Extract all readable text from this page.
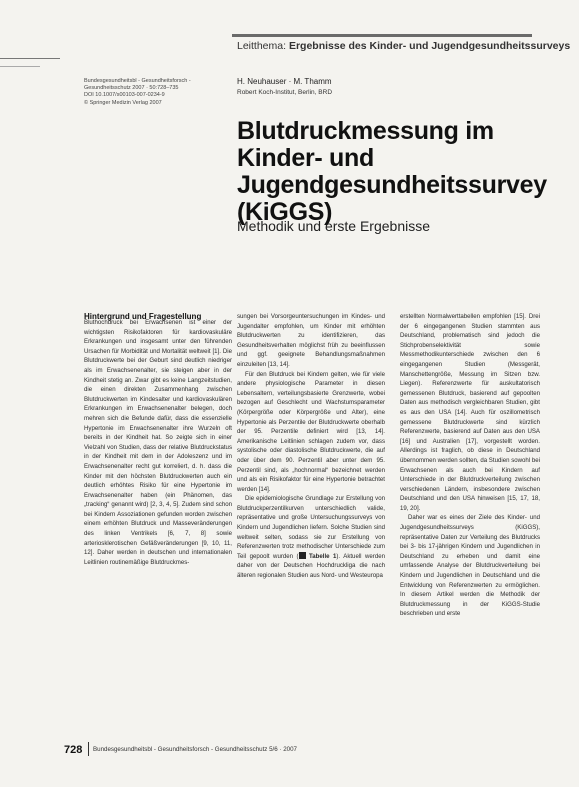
Leitthema: Ergebnisse des Kinder- und Jugendgesundheitssurveys
Bundesgesundheitsbl - Gesundheitsforsch -
Gesundheitsschutz 2007 · 50:728–735
DOI 10.1007/s00103-007-0234-9
© Springer Medizin Verlag 2007
H. Neuhauser · M. Thamm
Robert Koch-Institut, Berlin, BRD
Blutdruckmessung im Kinder- und Jugendgesundheitssurvey (KiGGS)
Methodik und erste Ergebnisse
Hintergrund und Fragestellung

Bluthochdruck bei Erwachsenen ist einer der wichtigsten Risikofaktoren für kardiovaskuläre Erkrankungen und insgesamt unter den führenden Ursachen für Morbidität und Mortalität weltweit [1]. Die Blutdruckwerte bei der Geburt sind deutlich niedriger als im Erwachsenenalter, sie steigen aber in der Kindheit stetig an. Zwar gibt es keine Langzeitstudien, die einen direkten Zusammenhang zwischen Blutdruckwerten im Kindesalter und kardiovaskulären Erkrankungen im Erwachsenenalter belegen, doch mehren sich die Befunde dafür, dass die essenzielle Hypertonie im Erwachsenenalter ihre Wurzeln oft bereits in der Kindheit hat. So zeigte sich in einer Vielzahl von Studien, dass der relative Blutdruckstatus in der Kindheit mit dem in der Adoleszenz und im Erwachsenenalter recht gut korreliert, d. h. dass die Kinder mit den höchsten Blutdruckwerten auch ein deutlich erhöhtes Risiko für eine Hypertonie im Erwachsenenalter haben (ein Phänomen, das „tracking“ genannt wird) [2, 3, 4, 5]. Zudem sind schon bei Kindern Assoziationen gefunden worden zwischen einem erhöhten Blutdruck und Masseveränderungen des linken Ventrikels [6, 7, 8] sowie arteriosklerotischen Gefäßveränderungen [9, 10, 11, 12]. Daher werden in deutschen und internationalen Leitlinien routinemäßige Blutdruckmes-

sungen bei Vorsorgeuntersuchungen im Kindes- und Jugendalter empfohlen, um Kinder mit erhöhten Blutdruckwerten zu identifizieren, das Gesundheitsverhalten möglichst früh zu beeinflussen und ggf. geeignete Behandlungsmaßnahmen einzuleiten [13, 14].

Für den Blutdruck bei Kindern gelten, wie für viele andere physiologische Parameter in diesen Lebensaltern, verteilungsbasierte Grenzwerte, wobei bezogen auf Geschlecht und Wachstumsparameter (Körpergröße oder Körpergröße und Alter), eine Hypertonie als Perzentile der Blutdruckwerte oberhalb der 95. Perzentile definiert wird [13, 14]. Amerikanische Leitlinien schlagen zudem vor, dass systolische oder diastolische Blutdruckwerte, die auf oder über dem 90. Perzentil aber unter dem 95. Perzentil sind, als „hochnormal“ bezeichnet werden und als ein Risikofaktor für eine Hypertonie betrachtet werden [14].

Die epidemiologische Grundlage zur Erstellung von Blutdruckperzentilkurven unterschiedlich valide, repräsentative und große Untersuchungssurveys von Kindern und Jugendlichen liefern. Solche Studien sind weltweit selten, sodass sie zur Erstellung von Referenzwerten trotz methodischer Unterschiede zum Teil gepoolt wurden ( Tabelle 1). Aktuell werden daher von der Deutschen Hochdruckliga die nach älteren regionalen Studien aus Nord- und Westeuropa

erstellten Normalwerttabellen empfohlen [15]. Drei der 6 eingegangenen Studien stammten aus Deutschland, problematisch sind jedoch die Stichprobenselektivität sowie Messmethodikunterschiede zwischen den 6 eingegangenen Studien (Messgerät, Manschettengröße, Messung im Sitzen bzw. Liegen). Referenzwerte für auskultatorisch gemessenen Blutdruck, basierend auf gepoolten Daten aus methodisch vergleichbaren Studien, gibt es aus den USA [14]. Auch für oszillometrisch gemessene Blutdruckwerte sind kürzlich Referenzwerte, basierend auf Daten aus den USA [16] und Australien [17], vorgestellt worden. Allerdings ist fraglich, ob diese in Deutschland übernommen werden sollten, da Studien sowohl bei Erwachsenen als auch bei Kindern auf Unterschiede in der Blutdruckverteilung zwischen verschiedenen Ländern, insbesondere zwischen Deutschland und den USA hinweisen [15, 17, 18, 19, 20].

Daher war es eines der Ziele des Kinder- und Jugendgesundheitssurveys (KiGGS), repräsentative Daten zur Verteilung des Blutdrucks bei 3- bis 17-jährigen Kindern und Jugendlichen in Deutschland zu erheben und damit eine umfassende Analyse der Blutdruckverteilung bei Kindern und Jugendlichen in Deutschland und die Entwicklung von Referenzwerten zu ermöglichen. In diesem Artikel werden die Methodik der Blutdruckmessung in der KiGGS-Studie beschrieben und erste

728 Bundesgesundheitsbl - Gesundheitsforsch - Gesundheitsschutz 5/6 · 2007
